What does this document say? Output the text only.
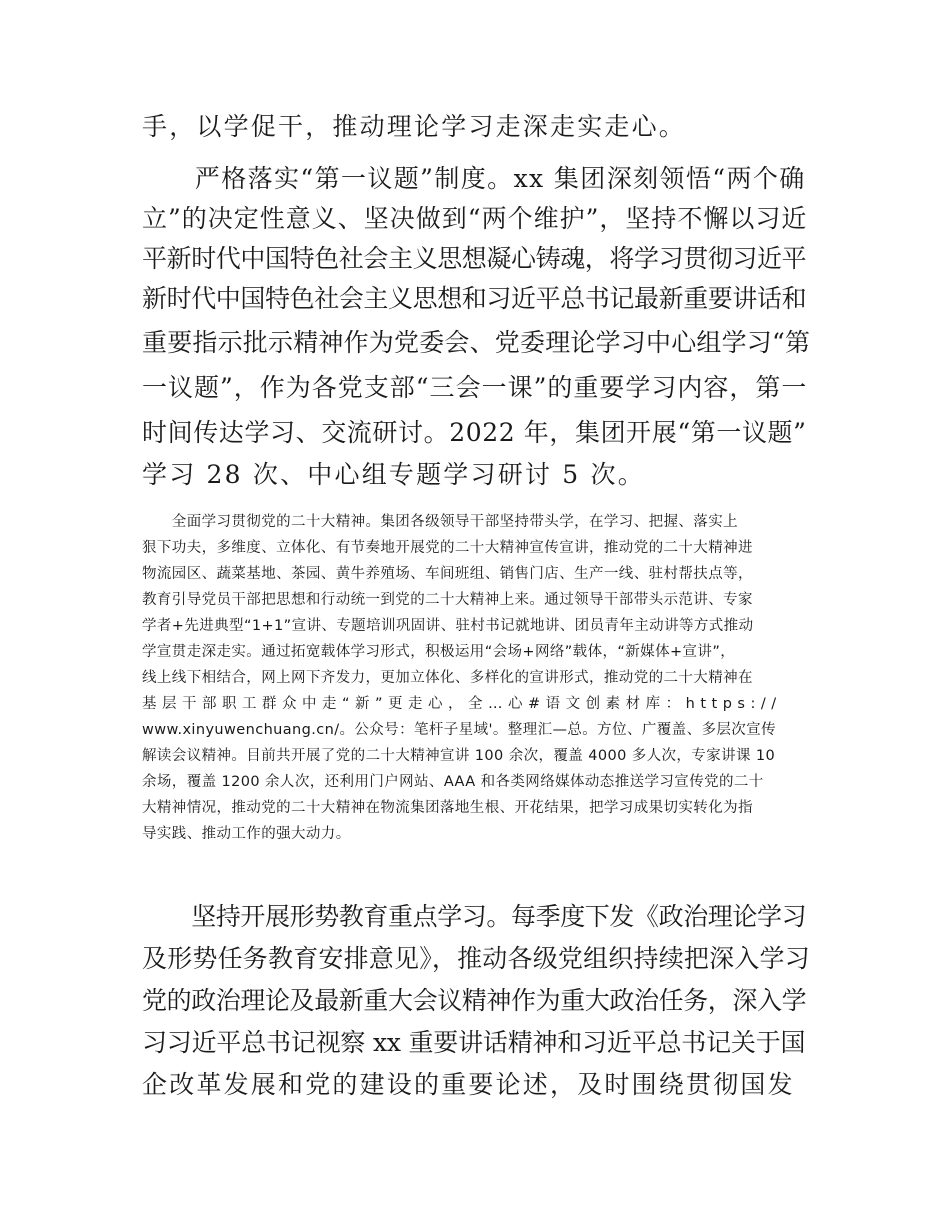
手，以学促干，推动理论学习走深走实走心。
　　严格落实“第一议题”制度。xx 集团深刻领悟“两个确
立”的决定性意义、坚决做到“两个维护”，坚持不懈以习近
平新时代中国特色社会主义思想凝心铸魂，将学习贯彻习近平
新时代中国特色社会主义思想和习近平总书记最新重要讲话和
重要指示批示精神作为党委会、党委理论学习中心组学习“第
一议题”，作为各党支部“三会一课”的重要学习内容，第一
时间传达学习、交流研讨。2022 年，集团开展“第一议题”
学习 28 次、中心组专题学习研讨 5 次。
　　全面学习贯彻党的二十大精神。集团各级领导干部坚持带头学，在学习、把握、落实上
狠下功夫，多维度、立体化、有节奏地开展党的二十大精神宣传宣讲，推动党的二十大精神进
物流园区、蔬菜基地、茶园、黄牛养殖场、车间班组、销售门店、生产一线、驻村帮扶点等，
教育引导党员干部把思想和行动统一到党的二十大精神上来。通过领导干部带头示范讲、专家
学者+先进典型“1+1”宣讲、专题培训巩固讲、驻村书记就地讲、团员青年主动讲等方式推动
学宣贯走深走实。通过拓宽载体学习形式，积极运用“会场+网络”载体，“新媒体+宣讲”，
线上线下相结合，网上网下齐发力，更加立体化、多样化的宣讲形式，推动党的二十大精神在
基层干部职工群众中走“新”更走心，全…心#语文创素材库：https://
www.xinyuwenchuang.cn/。公众号：笔杆子星域'。整理汇—总。方位、广覆盖、多层次宣传
解读会议精神。目前共开展了党的二十大精神宣讲 100 余次，覆盖 4000 多人次，专家讲课 10
余场，覆盖 1200 余人次，还利用门户网站、AAA 和各类网络媒体动态推送学习宣传党的二十
大精神情况，推动党的二十大精神在物流集团落地生根、开花结果，把学习成果切实转化为指
导实践、推动工作的强大动力。
　　坚持开展形势教育重点学习。每季度下发《政治理论学习
及形势任务教育安排意见》，推动各级党组织持续把深入学习
党的政治理论及最新重大会议精神作为重大政治任务，深入学
习习近平总书记视察 xx 重要讲话精神和习近平总书记关于国
企改革发展和党的建设的重要论述，及时围绕贯彻国发
